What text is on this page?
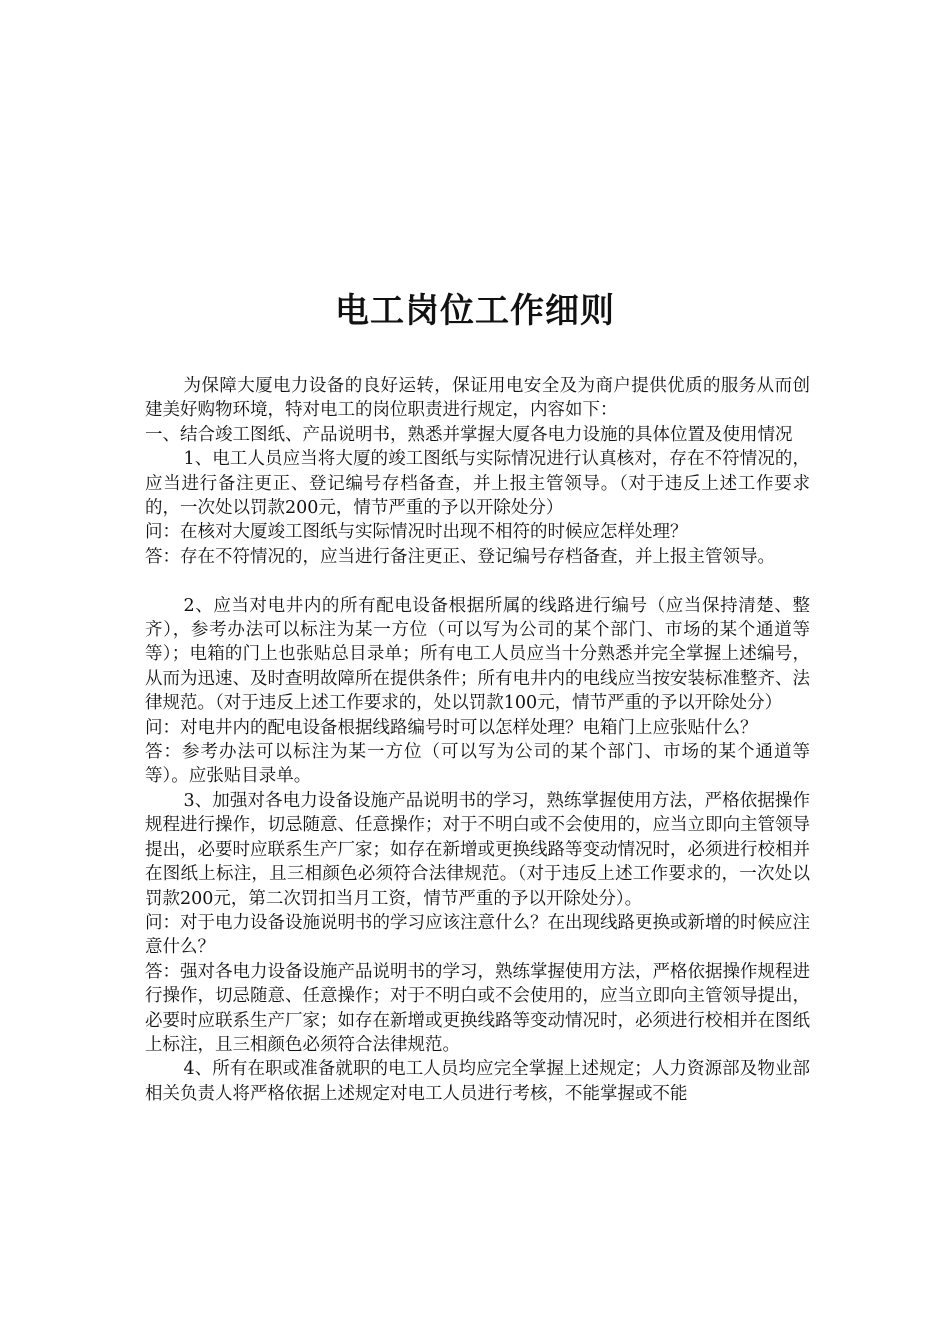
电工岗位工作细则

为保障大厦电力设备的良好运转，保证用电安全及为商户提供优质的服务从而创建美好购物环境，特对电工的岗位职责进行规定，内容如下：

一、结合竣工图纸、产品说明书，熟悉并掌握大厦各电力设施的具体位置及使用情况

1、电工人员应当将大厦的竣工图纸与实际情况进行认真核对，存在不符情况的，应当进行备注更正、登记编号存档备查，并上报主管领导。（对于违反上述工作要求的，一次处以罚款200元，情节严重的予以开除处分）

问：在核对大厦竣工图纸与实际情况时出现不相符的时候应怎样处理？

答：存在不符情况的，应当进行备注更正、登记编号存档备查，并上报主管领导。

2、应当对电井内的所有配电设备根据所属的线路进行编号（应当保持清楚、整齐），参考办法可以标注为某一方位（可以写为公司的某个部门、市场的某个通道等等）；电箱的门上也张贴总目录单；所有电工人员应当十分熟悉并完全掌握上述编号，从而为迅速、及时查明故障所在提供条件；所有电井内的电线应当按安装标准整齐、法律规范。（对于违反上述工作要求的，处以罚款100元，情节严重的予以开除处分）

问：对电井内的配电设备根据线路编号时可以怎样处理？电箱门上应张贴什么？

答：参考办法可以标注为某一方位（可以写为公司的某个部门、市场的某个通道等等）。应张贴目录单。

3、加强对各电力设备设施产品说明书的学习，熟练掌握使用方法，严格依据操作规程进行操作，切忌随意、任意操作；对于不明白或不会使用的，应当立即向主管领导提出，必要时应联系生产厂家；如存在新增或更换线路等变动情况时，必须进行校相并在图纸上标注，且三相颜色必须符合法律规范。（对于违反上述工作要求的，一次处以罚款200元，第二次罚扣当月工资，情节严重的予以开除处分）。

问：对于电力设备设施说明书的学习应该注意什么？在出现线路更换或新增的时候应注意什么？

答：强对各电力设备设施产品说明书的学习，熟练掌握使用方法，严格依据操作规程进行操作，切忌随意、任意操作；对于不明白或不会使用的，应当立即向主管领导提出，必要时应联系生产厂家；如存在新增或更换线路等变动情况时，必须进行校相并在图纸上标注，且三相颜色必须符合法律规范。

4、所有在职或准备就职的电工人员均应完全掌握上述规定；人力资源部及物业部相关负责人将严格依据上述规定对电工人员进行考核，不能掌握或不能
